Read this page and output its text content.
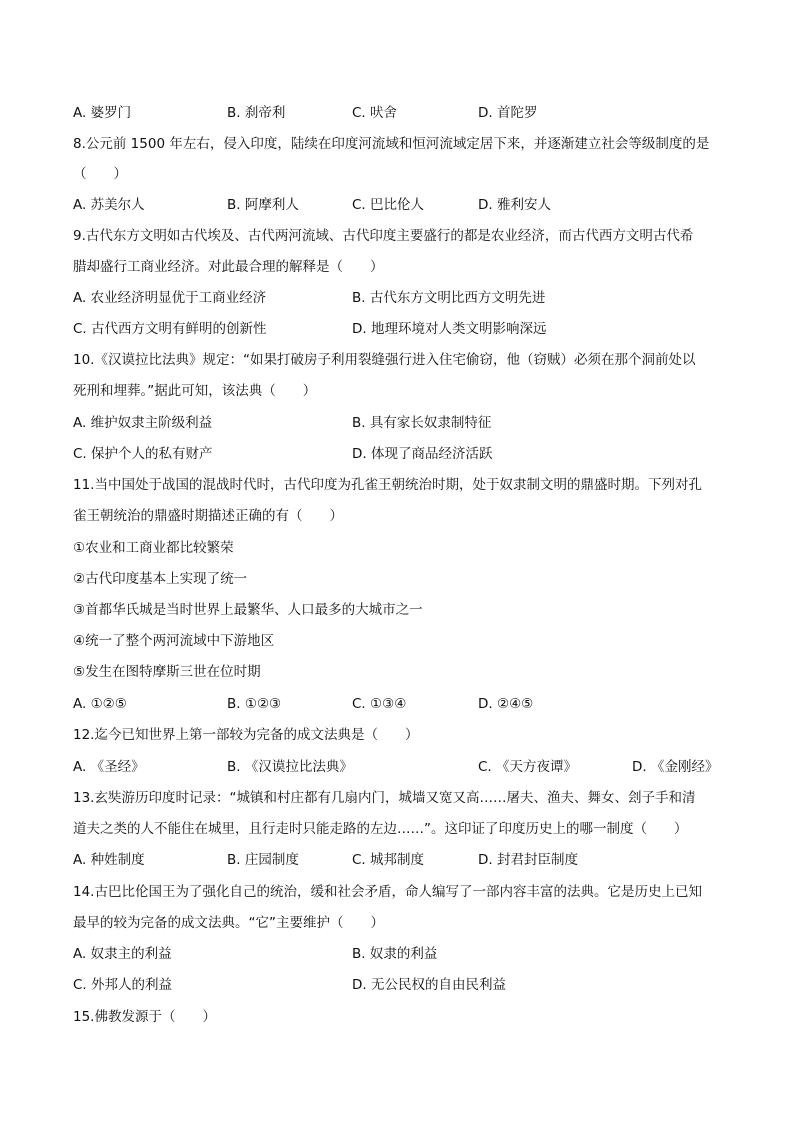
A. 婆罗门	B. 刹帝利	C. 吠舍	D. 首陀罗
8.公元前 1500 年左右，侵入印度，陆续在印度河流域和恒河流域定居下来，并逐渐建立社会等级制度的是
（　　）
A. 苏美尔人	B. 阿摩利人	C. 巴比伦人	D. 雅利安人
9.古代东方文明如古代埃及、古代两河流域、古代印度主要盛行的都是农业经济，而古代西方文明古代希
腊却盛行工商业经济。对此最合理的解释是（　　）
A. 农业经济明显优于工商业经济	B. 古代东方文明比西方文明先进
C. 古代西方文明有鲜明的创新性	D. 地理环境对人类文明影响深远
10.《汉谟拉比法典》规定：“如果打破房子利用裂缝强行进入住宅偷窃，他（窃贼）必须在那个洞前处以
死刑和埋葬。”据此可知，该法典（　　）
A. 维护奴隶主阶级利益	B. 具有家长奴隶制特征
C. 保护个人的私有财产	D. 体现了商品经济活跃
11.当中国处于战国的混战时代时，古代印度为孔雀王朝统治时期，处于奴隶制文明的鼎盛时期。下列对孔
雀王朝统治的鼎盛时期描述正确的有（　　）
①农业和工商业都比较繁荣
②古代印度基本上实现了统一
③首都华氏城是当时世界上最繁华、人口最多的大城市之一
④统一了整个两河流域中下游地区
⑤发生在图特摩斯三世在位时期
A. ①②⑤	B. ①②③	C. ①③④	D. ②④⑤
12.迄今已知世界上第一部较为完备的成文法典是（　　）
A. 《圣经》	B. 《汉谟拉比法典》	C. 《天方夜谭》	D. 《金刚经》
13.玄奘游历印度时记录：“城镇和村庄都有几扇内门，城墙又宽又高……屠夫、渔夫、舞女、刽子手和清
道夫之类的人不能住在城里，且行走时只能走路的左边……”。这印证了印度历史上的哪一制度（　　）
A. 种姓制度	B. 庄园制度	C. 城邦制度	D. 封君封臣制度
14.古巴比伦国王为了强化自己的统治，缓和社会矛盾，命人编写了一部内容丰富的法典。它是历史上已知
最早的较为完备的成文法典。“它”主要维护（　　）
A. 奴隶主的利益	B. 奴隶的利益
C. 外邦人的利益	D. 无公民权的自由民利益
15.佛教发源于（　　）
